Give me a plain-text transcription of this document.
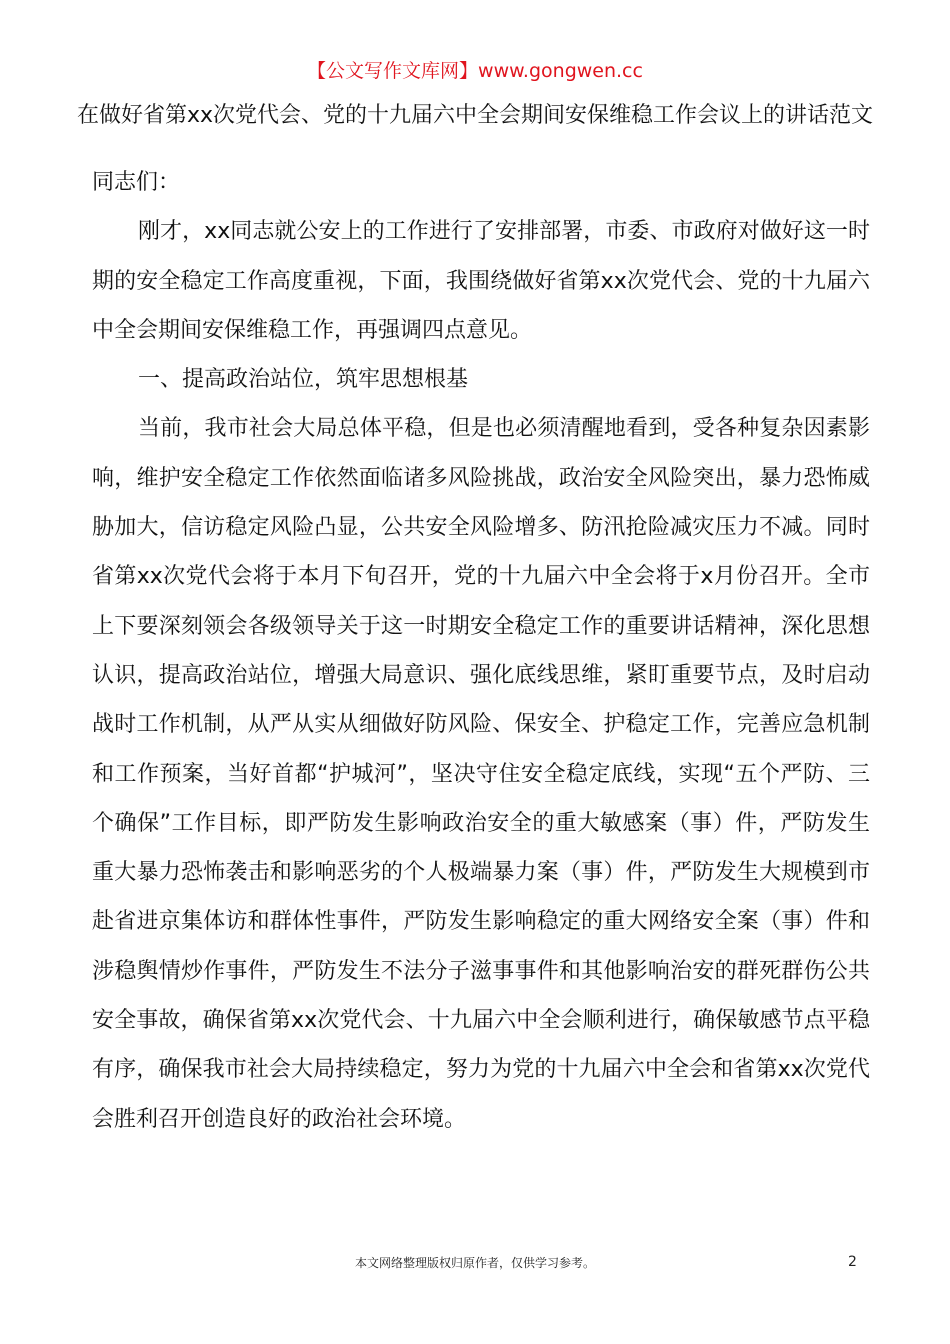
【公文写作文库网】www.gongwen.cc
在做好省第xx次党代会、党的十九届六中全会期间安保维稳工作会议上的讲话范文

同志们：

刚才，xx同志就公安上的工作进行了安排部署，市委、市政府对做好这一时期的安全稳定工作高度重视，下面，我围绕做好省第xx次党代会、党的十九届六中全会期间安保维稳工作，再强调四点意见。

一、提高政治站位，筑牢思想根基

当前，我市社会大局总体平稳，但是也必须清醒地看到，受各种复杂因素影响，维护安全稳定工作依然面临诸多风险挑战，政治安全风险突出，暴力恐怖威胁加大，信访稳定风险凸显，公共安全风险增多、防汛抢险减灾压力不减。同时省第xx次党代会将于本月下旬召开，党的十九届六中全会将于x月份召开。全市上下要深刻领会各级领导关于这一时期安全稳定工作的重要讲话精神，深化思想认识，提高政治站位，增强大局意识、强化底线思维，紧盯重要节点，及时启动战时工作机制，从严从实从细做好防风险、保安全、护稳定工作，完善应急机制和工作预案，当好首都“护城河”，坚决守住安全稳定底线，实现“五个严防、三个确保”工作目标，即严防发生影响政治安全的重大敏感案（事）件，严防发生重大暴力恐怖袭击和影响恶劣的个人极端暴力案（事）件，严防发生大规模到市赴省进京集体访和群体性事件，严防发生影响稳定的重大网络安全案（事）件和涉稳舆情炒作事件，严防发生不法分子滋事事件和其他影响治安的群死群伤公共安全事故，确保省第xx次党代会、十九届六中全会顺利进行，确保敏感节点平稳有序，确保我市社会大局持续稳定，努力为党的十九届六中全会和省第xx次党代会胜利召开创造良好的政治社会环境。

本文网络整理版权归原作者，仅供学习参考。	2
